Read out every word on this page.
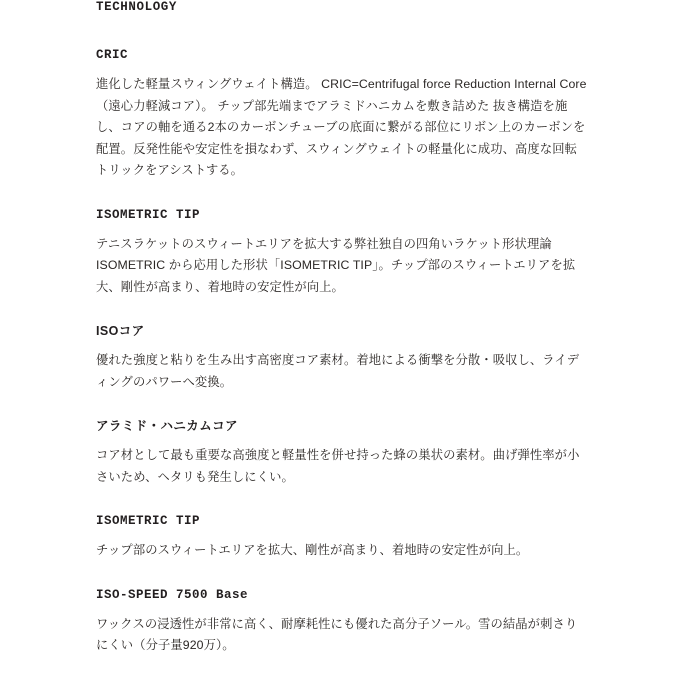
TECHNOLOGY

CRIC

進化した軽量スウィングウェイト構造。 CRIC=Centrifugal force Reduction Internal Core（遠心力軽減コア）。 チップ部先端までアラミドハニカムを敷き詰めた 抜き構造を施し、コアの軸を通る2本のカーボンチューブの底面に繋がる部位にリボン上のカーボンを配置。反発性能や安定性を損なわず、スウィングウェイトの軽量化に成功、高度な回転トリックをアシストする。

ISOMETRIC TIP

テニスラケットのスウィートエリアを拡大する弊社独自の四角いラケット形状理論 ISOMETRIC から応用した形状「ISOMETRIC TIP」。チップ部のスウィートエリアを拡大、剛性が高まり、着地時の安定性が向上。

ISOコア

優れた強度と粘りを生み出す高密度コア素材。着地による衝撃を分散・吸収し、ライディングのパワーへ変換。

アラミド・ハニカムコア

コア材として最も重要な高強度と軽量性を併せ持った蜂の巣状の素材。曲げ弾性率が小さいため、ヘタリも発生しにくい。

ISOMETRIC TIP

チップ部のスウィートエリアを拡大、剛性が高まり、着地時の安定性が向上。

ISO-SPEED 7500 Base

ワックスの浸透性が非常に高く、耐摩耗性にも優れた高分子ソール。雪の結晶が刺さりにくい（分子量920万）。
